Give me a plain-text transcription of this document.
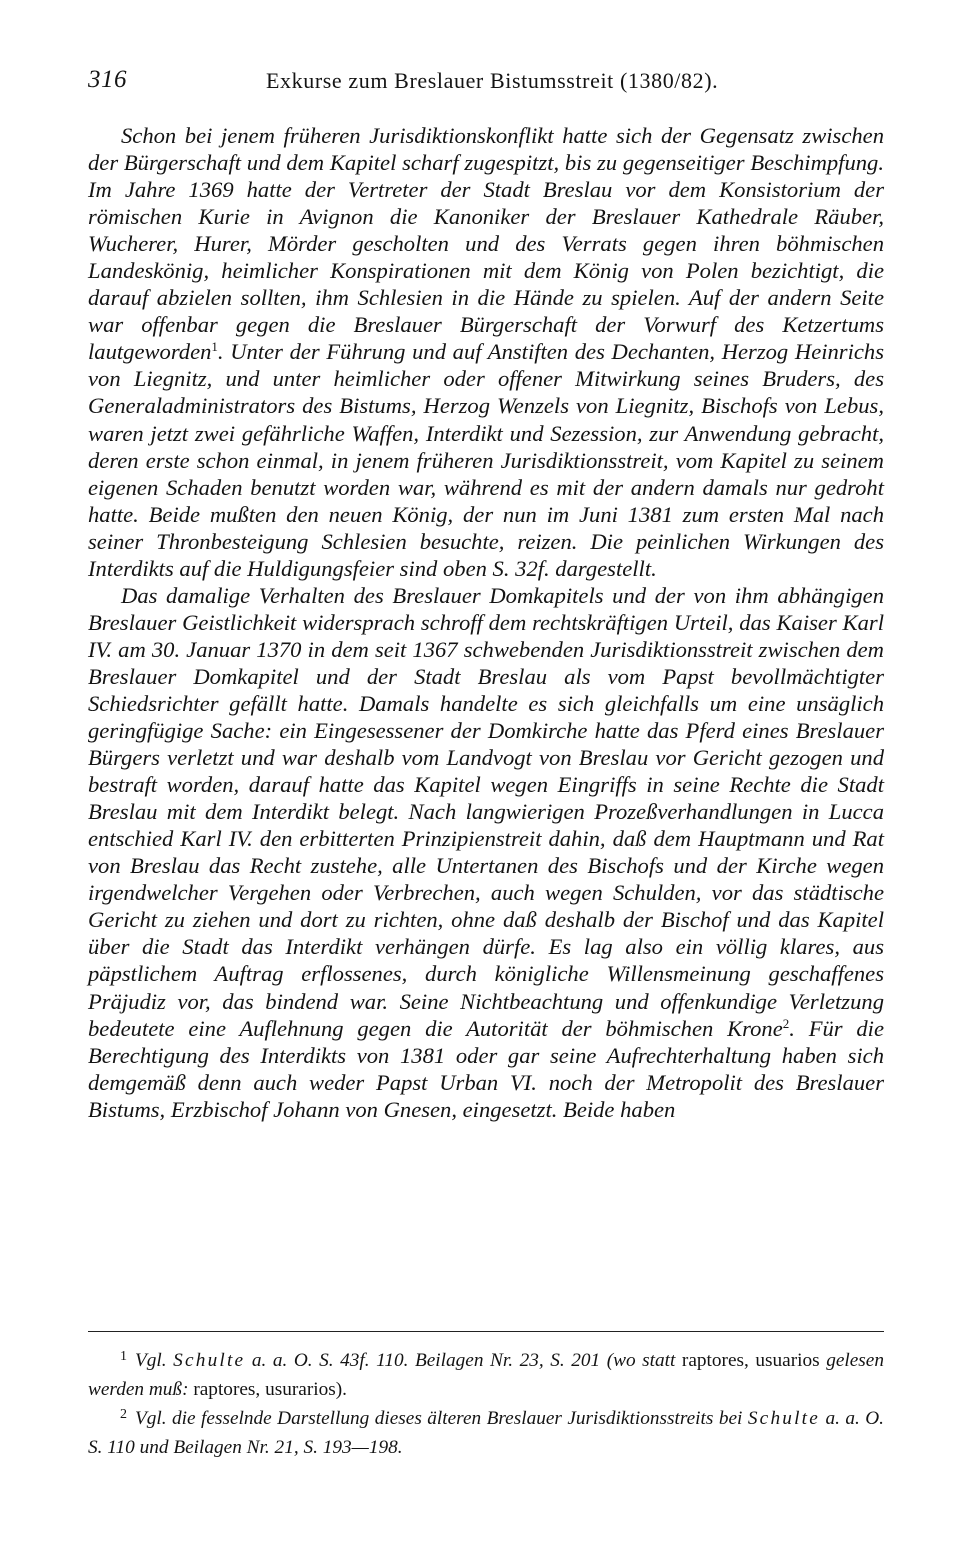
316	Exkurse zum Breslauer Bistumsstreit (1380/82).

Schon bei jenem früheren Jurisdiktionskonflikt hatte sich der Gegensatz zwischen der Bürgerschaft und dem Kapitel scharf zugespitzt, bis zu gegenseitiger Beschimpfung. Im Jahre 1369 hatte der Vertreter der Stadt Breslau vor dem Konsistorium der römischen Kurie in Avignon die Kanoniker der Breslauer Kathedrale Räuber, Wucherer, Hurer, Mörder gescholten und des Verrats gegen ihren böhmischen Landeskönig, heimlicher Konspirationen mit dem König von Polen bezichtigt, die darauf abzielen sollten, ihm Schlesien in die Hände zu spielen. Auf der andern Seite war offenbar gegen die Breslauer Bürgerschaft der Vorwurf des Ketzertums lautgeworden$^1$. Unter der Führung und auf Anstiften des Dechanten, Herzog Heinrichs von Liegnitz, und unter heimlicher oder offener Mitwirkung seines Bruders, des Generaladministrators des Bistums, Herzog Wenzels von Liegnitz, Bischofs von Lebus, waren jetzt zwei gefährliche Waffen, Interdikt und Sezession, zur Anwendung gebracht, deren erste schon einmal, in jenem früheren Jurisdiktionsstreit, vom Kapitel zu seinem eigenen Schaden benutzt worden war, während es mit der andern damals nur gedroht hatte. Beide mußten den neuen König, der nun im Juni 1381 zum ersten Mal nach seiner Thronbesteigung Schlesien besuchte, reizen. Die peinlichen Wirkungen des Interdikts auf die Huldigungsfeier sind oben S. 32f. dargestellt.

Das damalige Verhalten des Breslauer Domkapitels und der von ihm abhängigen Breslauer Geistlichkeit widersprach schroff dem rechtskräftigen Urteil, das Kaiser Karl IV. am 30. Januar 1370 in dem seit 1367 schwebenden Jurisdiktionsstreit zwischen dem Breslauer Domkapitel und der Stadt Breslau als vom Papst bevollmächtigter Schiedsrichter gefällt hatte. Damals handelte es sich gleichfalls um eine unsäglich geringfügige Sache: ein Eingesessener der Domkirche hatte das Pferd eines Breslauer Bürgers verletzt und war deshalb vom Landvogt von Breslau vor Gericht gezogen und bestraft worden, darauf hatte das Kapitel wegen Eingriffs in seine Rechte die Stadt Breslau mit dem Interdikt belegt. Nach langwierigen Prozeßverhandlungen in Lucca entschied Karl IV. den erbitterten Prinzipienstreit dahin, daß dem Hauptmann und Rat von Breslau das Recht zustehe, alle Untertanen des Bischofs und der Kirche wegen irgendwelcher Vergehen oder Verbrechen, auch wegen Schulden, vor das städtische Gericht zu ziehen und dort zu richten, ohne daß deshalb der Bischof und das Kapitel über die Stadt das Interdikt verhängen dürfe. Es lag also ein völlig klares, aus päpstlichem Auftrag erflossenes, durch königliche Willensmeinung geschaffenes Präjudiz vor, das bindend war. Seine Nichtbeachtung und offenkundige Verletzung bedeutete eine Auflehnung gegen die Autorität der böhmischen Krone$^2$. Für die Berechtigung des Interdikts von 1381 oder gar seine Aufrechterhaltung haben sich demgemäß denn auch weder Papst Urban VI. noch der Metropolit des Breslauer Bistums, Erzbischof Johann von Gnesen, eingesetzt. Beide haben

$^1$ Vgl. Schulte a. a. O. S. 43f. 110. Beilagen Nr. 23, S. 201 (wo statt raptores, usuarios gelesen werden muß: raptores, usurarios).

$^2$ Vgl. die fesselnde Darstellung dieses älteren Breslauer Jurisdiktionsstreits bei Schulte a. a. O. S. 110 und Beilagen Nr. 21, S. 193—198.
